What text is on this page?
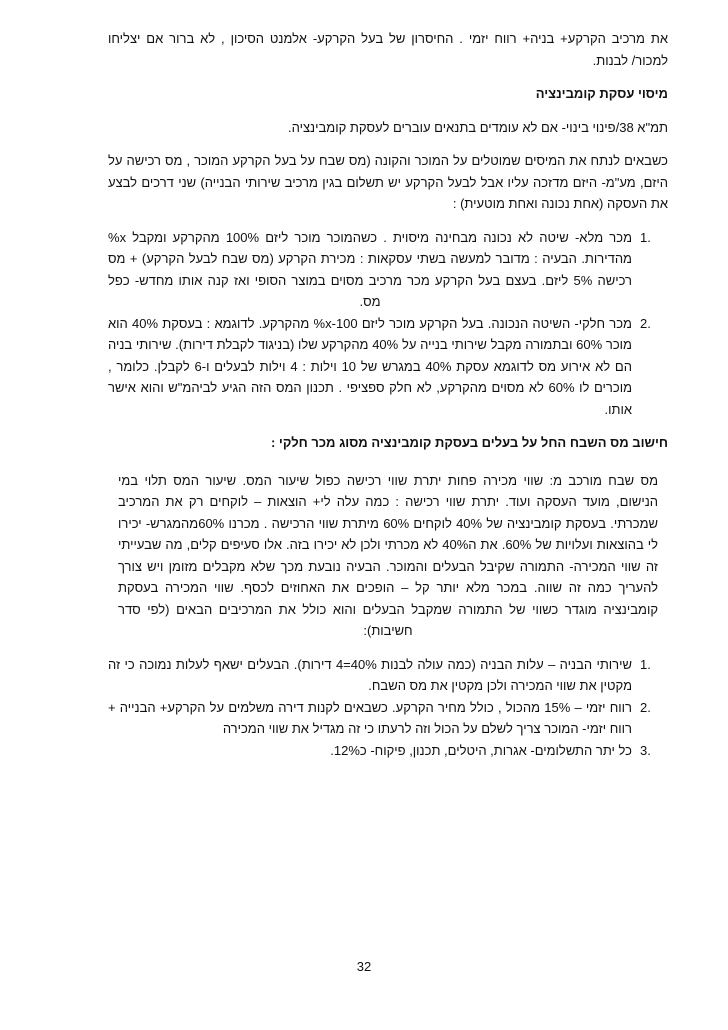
את מרכיב הקרקע+ בניה+ רווח יזמי . החיסרון של בעל הקרקע- אלמנט הסיכון , לא ברור אם יצליחו למכור/ לבנות.

מיסוי עסקת קומבינציה

תמ"א 38/פינוי בינוי- אם לא עומדים בתנאים עוברים לעסקת קומבינציה.

כשבאים לנתח את המיסים שמוטלים על המוכר והקונה (מס שבח על בעל הקרקע המוכר , מס רכישה על היזם, מע"מ- היזם מדזכה עליו אבל לבעל הקרקע יש תשלום בגין מרכיב שירותי הבנייה) שני דרכים לבצע את העסקה (אחת נכונה ואחת מוטעית) :

1.
מכר מלא- שיטה לא נכונה מבחינה מיסוית . כשהמוכר מוכר ליזם 100% מהקרקע ומקבל x% מהדירות. הבעיה : מדובר למעשה בשתי עסקאות : מכירת הקרקע (מס שבח לבעל הקרקע) + מס רכישה 5% ליזם. בעצם בעל הקרקע מכר מרכיב מסוים במוצר הסופי ואז קנה אותו מחדש- כפל מס.
2.
מכר חלקי- השיטה הנכונה. בעל הקרקע מוכר ליזם 100-x% מהקרקע. לדוגמא : בעסקת 40% הוא מוכר 60% ובתמורה מקבל שירותי בנייה על 40% מהקרקע שלו (בניגוד לקבלת דירות). שירותי בניה הם לא אירוע מס לדוגמא עסקת 40% במגרש של 10 וילות : 4 וילות לבעלים ו-6 לקבלן. כלומר , מוכרים לו 60% לא מסוים מהקרקע, לא חלק ספציפי . תכנון המס הזה הגיע לביהמ"ש והוא אישר אותו.

חישוב מס השבח החל על בעלים בעסקת קומבינציה מסוג מכר חלקי :

מס שבח מורכב מ: שווי מכירה פחות יתרת שווי רכישה כפול שיעור המס. שיעור המס תלוי במי הנישום, מועד העסקה ועוד. יתרת שווי רכישה : כמה עלה לי+ הוצאות – לוקחים רק את המרכיב שמכרתי. בעסקת קומבינציה של 40% לוקחים 60% מיתרת שווי הרכישה . מכרנו 60%מהמגרש- יכירו לי בהוצאות ועלויות של 60%. את ה40% לא מכרתי ולכן לא יכירו בזה. אלו סעיפים קלים, מה שבעייתי זה שווי המכירה- התמורה שקיבל הבעלים והמוכר. הבעיה נובעת מכך שלא מקבלים מזומן ויש צורך להעריך כמה זה שווה. במכר מלא יותר קל – הופכים את האחוזים לכסף. שווי המכירה בעסקת קומבינציה מוגדר כשווי של התמורה שמקבל הבעלים והוא כולל את המרכיבים הבאים (לפי סדר חשיבות):

1.
שירותי הבניה – עלות הבניה (כמה עולה לבנות 40%=4 דירות). הבעלים ישאף לעלות נמוכה כי זה מקטין את שווי המכירה ולכן מקטין את מס השבח.
2.
רווח יזמי – 15% מהכול , כולל מחיר הקרקע. כשבאים לקנות דירה משלמים על הקרקע+ הבנייה + רווח יזמי- המוכר צריך לשלם על הכול וזה לרעתו כי זה מגדיל את שווי המכירה
3.
כל יתר התשלומים- אגרות, היטלים, תכנון, פיקוח- כ12%.
32
